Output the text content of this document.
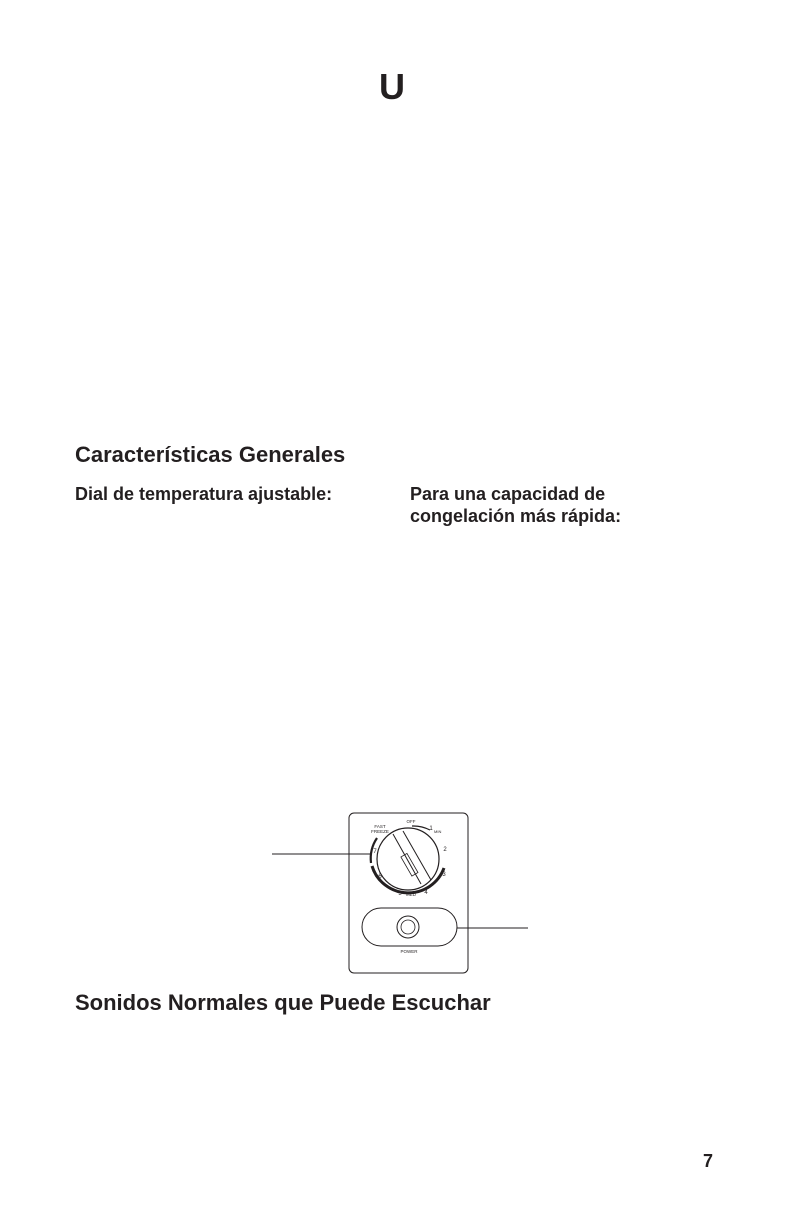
U
Características Generales
Dial de temperatura ajustable:	Para una capacidad de
congelación más rápida:
FAST
FREEZE
OFF
MIN
MED
1
2
3
4
5
6
7
POWER
Sonidos Normales que Puede Escuchar
7
